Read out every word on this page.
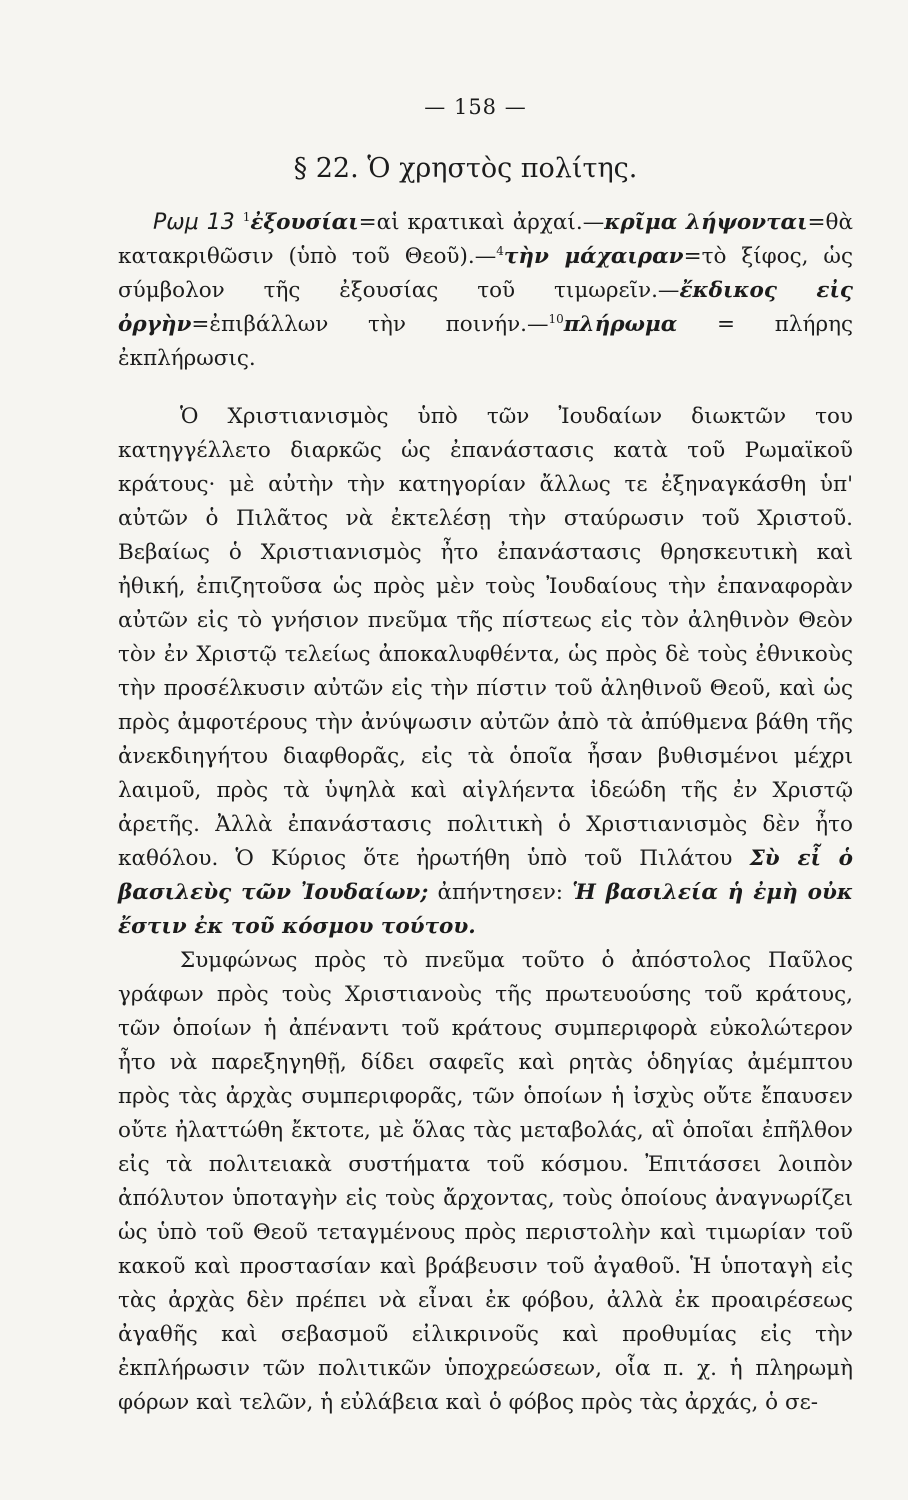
— 158 —
§ 22. Ὁ χρηστὸς πολίτης.

Ρωμ 13 $^1$ἐξουσίαι=αἱ κρατικαὶ ἀρχαί.—κρῖμα λήψονται=θὰ κατακριθῶσιν (ὑπὸ τοῦ Θεοῦ).—$^4$τὴν μάχαιραν=τὸ ξίφος, ὡς σύμβολον τῆς ἐξουσίας τοῦ τιμωρεῖν.—ἔκδικος εἰς ὀργὴν=ἐπιβάλλων τὴν ποινήν.—$^{10}$πλήρωμα = πλήρης ἐκπλήρωσις.

Ὁ Χριστιανισμὸς ὑπὸ τῶν Ἰουδαίων διωκτῶν του κατηγγέλλετο διαρκῶς ὡς ἐπανάστασις κατὰ τοῦ Ρωμαϊκοῦ κράτους· μὲ αὐτὴν τὴν κατηγορίαν ἄλλως τε ἐξηναγκάσθη ὑπ' αὐτῶν ὁ Πιλᾶτος νὰ ἐκτελέσῃ τὴν σταύρωσιν τοῦ Χριστοῦ. Βεβαίως ὁ Χριστιανισμὸς ἦτο ἐπανάστασις θρησκευτικὴ καὶ ἠθική, ἐπιζητοῦσα ὡς πρὸς μὲν τοὺς Ἰουδαίους τὴν ἐπαναφορὰν αὐτῶν εἰς τὸ γνήσιον πνεῦμα τῆς πίστεως εἰς τὸν ἀληθινὸν Θεὸν τὸν ἐν Χριστῷ τελείως ἀποκαλυφθέντα, ὡς πρὸς δὲ τοὺς ἐθνικοὺς τὴν προσέλκυσιν αὐτῶν εἰς τὴν πίστιν τοῦ ἀληθινοῦ Θεοῦ, καὶ ὡς πρὸς ἀμφοτέρους τὴν ἀνύψωσιν αὐτῶν ἀπὸ τὰ ἀπύθμενα βάθη τῆς ἀνεκδιηγήτου διαφθορᾶς, εἰς τὰ ὁποῖα ἦσαν βυθισμένοι μέχρι λαιμοῦ, πρὸς τὰ ὑψηλὰ καὶ αἰγλήεντα ἰδεώδη τῆς ἐν Χριστῷ ἀρετῆς. Ἀλλὰ ἐπανάστασις πολιτικὴ ὁ Χριστιανισμὸς δὲν ἦτο καθόλου. Ὁ Κύριος ὅτε ἠρωτήθη ὑπὸ τοῦ Πιλάτου Σὺ εἶ ὁ βασιλεὺς τῶν Ἰουδαίων; ἀπήντησεν: Ἡ βασιλεία ἡ ἐμὴ οὐκ ἔστιν ἐκ τοῦ κόσμου τούτου.

Συμφώνως πρὸς τὸ πνεῦμα τοῦτο ὁ ἀπόστολος Παῦλος γράφων πρὸς τοὺς Χριστιανοὺς τῆς πρωτευούσης τοῦ κράτους, τῶν ὁποίων ἡ ἀπέναντι τοῦ κράτους συμπεριφορὰ εὐκολώτερον ἦτο νὰ παρεξηγηθῇ, δίδει σαφεῖς καὶ ρητὰς ὁδηγίας ἀμέμπτου πρὸς τὰς ἀρχὰς συμπεριφορᾶς, τῶν ὁποίων ἡ ἰσχὺς οὔτε ἔπαυσεν οὔτε ἠλαττώθη ἔκτοτε, μὲ ὅλας τὰς μεταβολάς, αἳ ὁποῖαι ἐπῆλθον εἰς τὰ πολιτειακὰ συστήματα τοῦ κόσμου. Ἐπιτάσσει λοιπὸν ἀπόλυτον ὑποταγὴν εἰς τοὺς ἄρχοντας, τοὺς ὁποίους ἀναγνωρίζει ὡς ὑπὸ τοῦ Θεοῦ τεταγμένους πρὸς περιστολὴν καὶ τιμωρίαν τοῦ κακοῦ καὶ προστασίαν καὶ βράβευσιν τοῦ ἀγαθοῦ. Ἡ ὑποταγὴ εἰς τὰς ἀρχὰς δὲν πρέπει νὰ εἶναι ἐκ φόβου, ἀλλὰ ἐκ προαιρέσεως ἀγαθῆς καὶ σεβασμοῦ εἰλικρινοῦς καὶ προθυμίας εἰς τὴν ἐκπλήρωσιν τῶν πολιτικῶν ὑποχρεώσεων, οἷα π. χ. ἡ πληρωμὴ φόρων καὶ τελῶν, ἡ εὐλάβεια καὶ ὁ φόβος πρὸς τὰς ἀρχάς, ὁ σε-
